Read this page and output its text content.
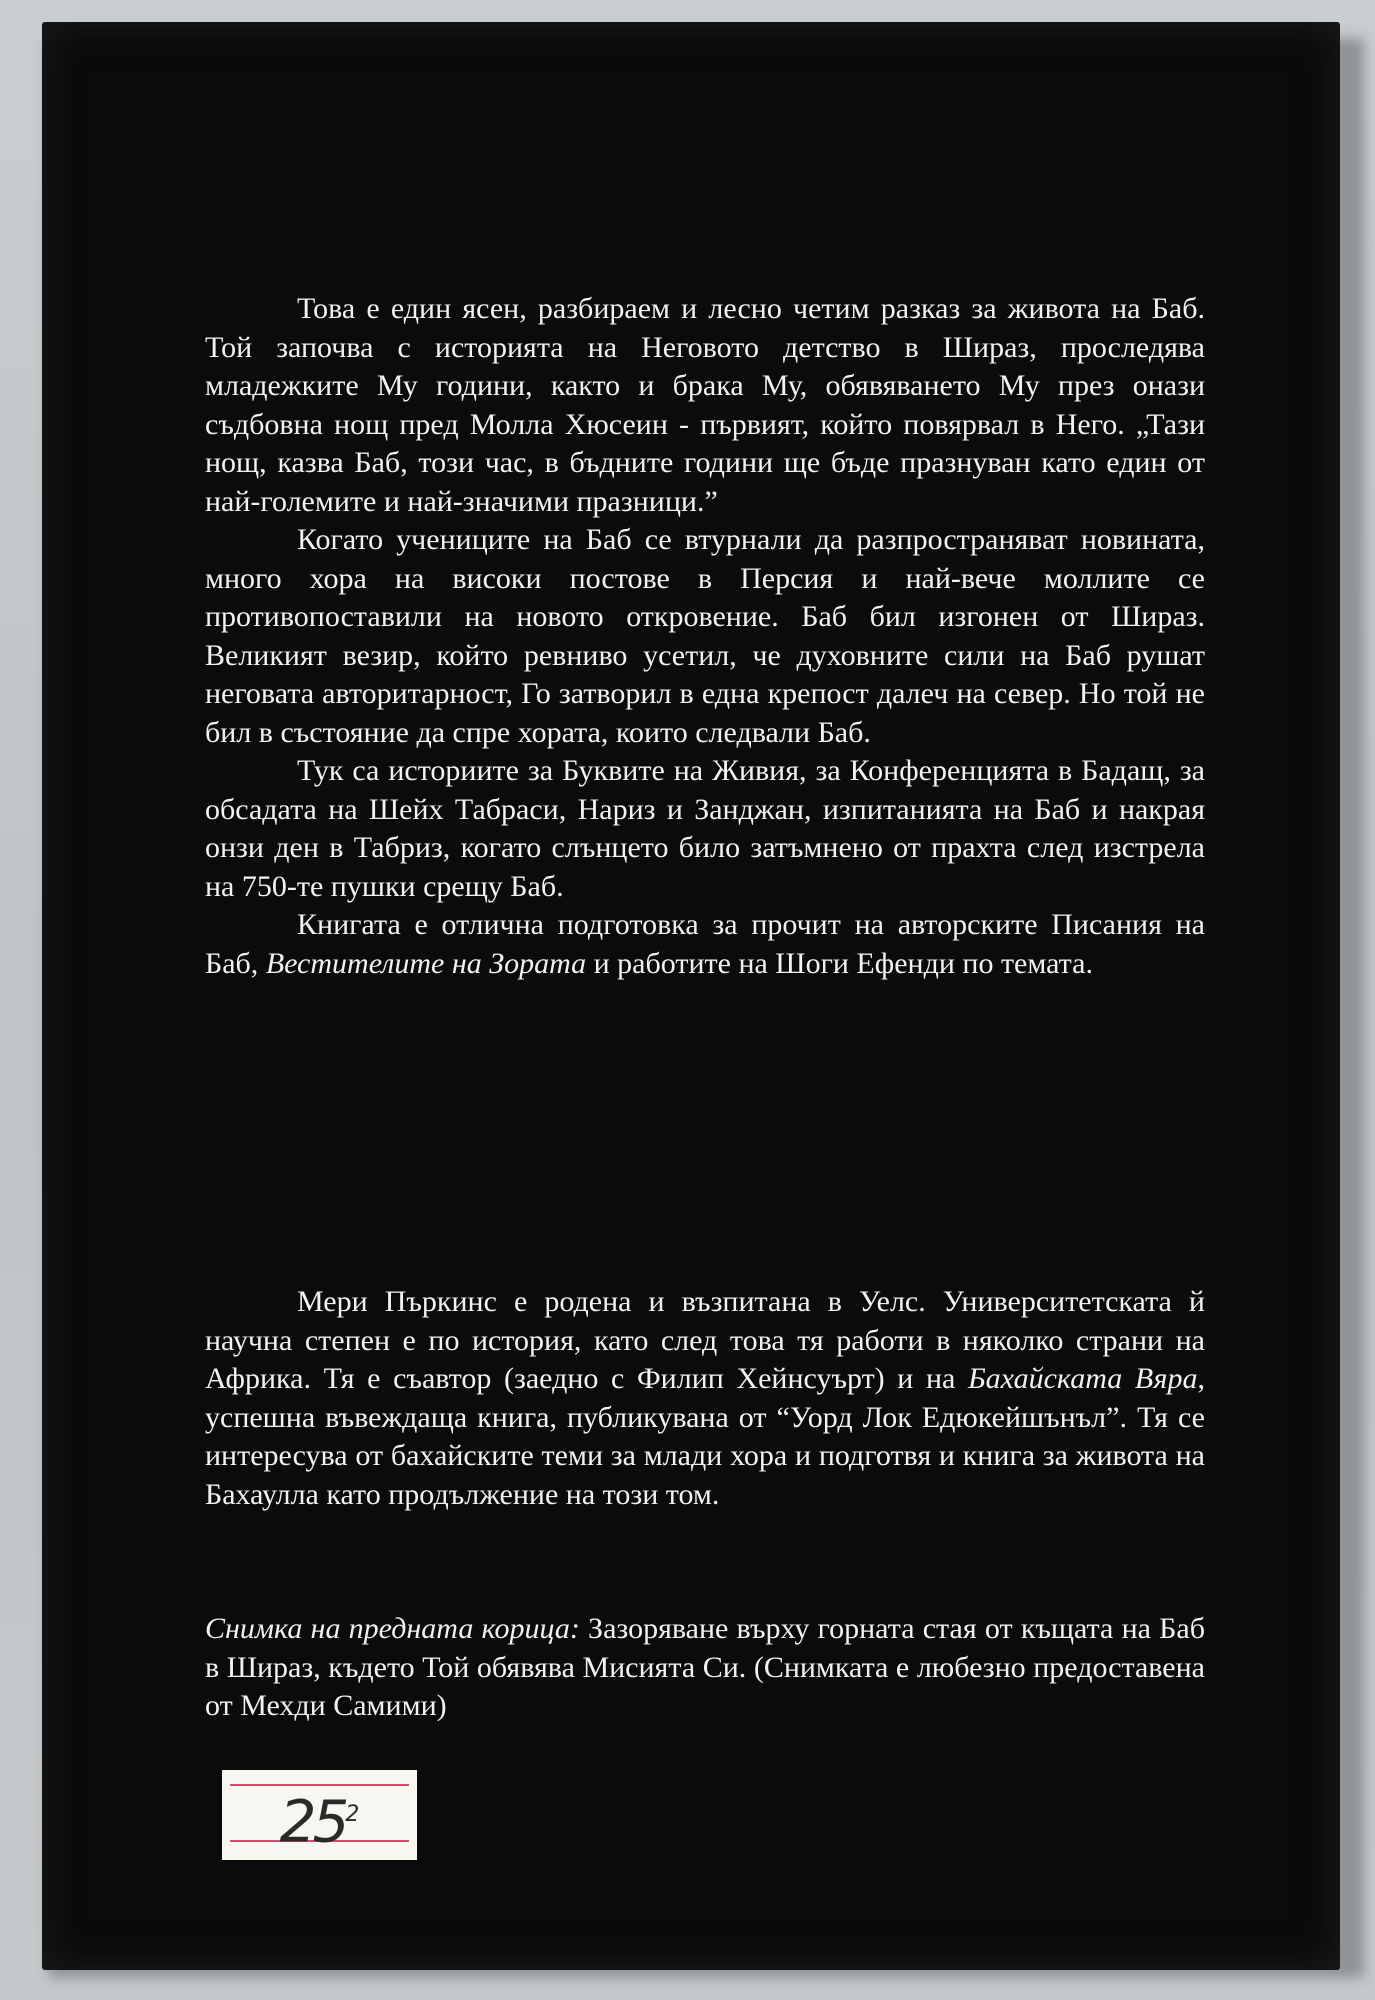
Това е един ясен, разбираем и лесно четим разказ за живота на Баб. Той започва с историята на Неговото детство в Шираз, проследява младежките Му години, както и брака Му, обявяването Му през онази съдбовна нощ пред Молла Хюсеин - първият, който повярвал в Него. „Тази нощ, казва Баб, този час, в бъдните години ще бъде празнуван като един от най-големите и най-значими празници.”

Когато учениците на Баб се втурнали да разпространяват новината, много хора на високи постове в Персия и най-вече моллите се противопоставили на новото откровение. Баб бил изгонен от Шираз. Великият везир, който ревниво усетил, че духовните сили на Баб рушат неговата авторитарност, Го затворил в една крепост далеч на север. Но той не бил в състояние да спре хората, които следвали Баб.

Тук са историите за Буквите на Живия, за Конференцията в Бадащ, за обсадата на Шейх Табраси, Нариз и Занджан, изпитанията на Баб и накрая онзи ден в Табриз, когато слънцето било затъмнено от прахта след изстрела на 750-те пушки срещу Баб.

Книгата е отлична подготовка за прочит на авторските Писания на Баб, Вестителите на Зората и работите на Шоги Ефенди по темата.

Мери Пъркинс е родена и възпитана в Уелс. Университетската й научна степен е по история, като след това тя работи в няколко страни на Африка. Тя е съавтор (заедно с Филип Хейнсуърт) и на Бахайската Вяра, успешна въвеждаща книга, публикувана от “Уорд Лок Едюкейшънъл”. Тя се интересува от бахайските теми за млади хора и подготвя и книга за живота на Бахаулла като продължение на този том.

Снимка на предната корица: Зазоряване върху горната стая от къщата на Баб в Шираз, където Той обявява Мисията Си. (Снимката е любезно предоставена от Мехди Самими)

$25^2$
